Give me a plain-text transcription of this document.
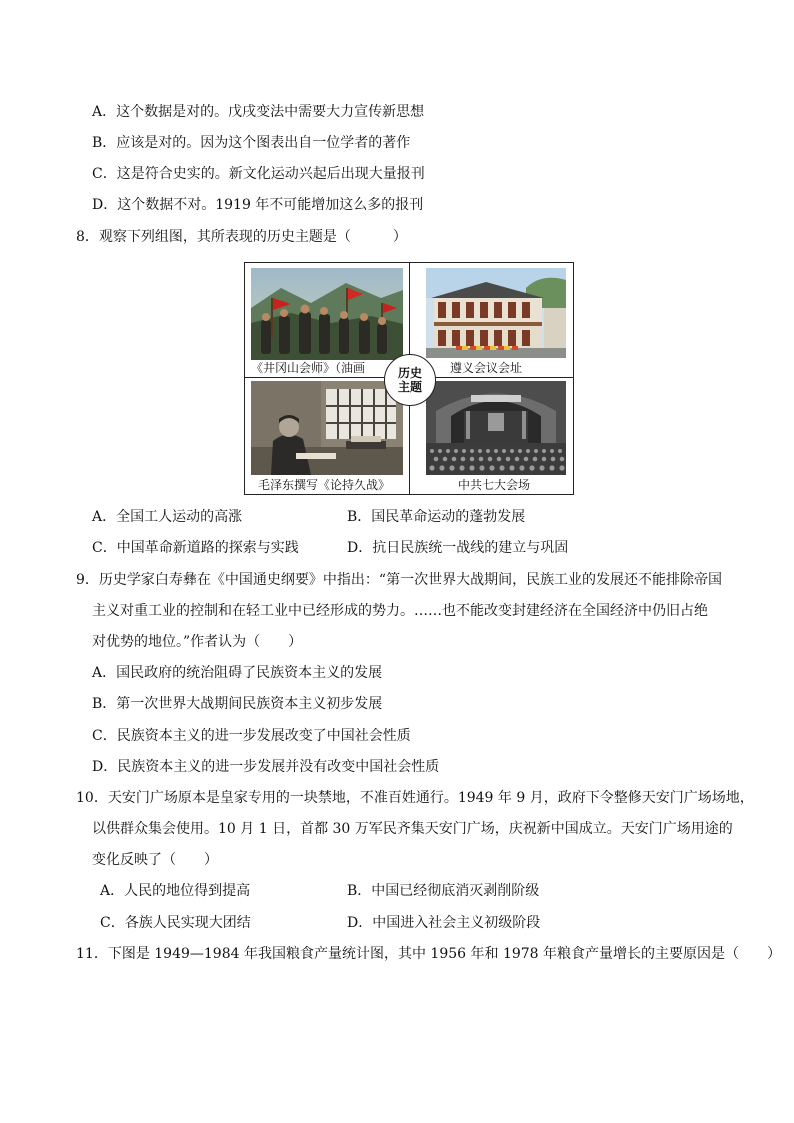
A．这个数据是对的。戊戌变法中需要大力宣传新思想
B．应该是对的。因为这个图表出自一位学者的著作
C．这是符合史实的。新文化运动兴起后出现大量报刊
D．这个数据不对。1919 年不可能增加这么多的报刊
8．观察下列组图，其所表现的历史主题是（　　　）
《井冈山会师》（油画	遵义会议会址
毛泽东撰写《论持久战》	中共七大会场
历史
主题
A．全国工人运动的高涨	B．国民革命运动的蓬勃发展
C．中国革命新道路的探索与实践	D．抗日民族统一战线的建立与巩固
9．历史学家白寿彝在《中国通史纲要》中指出：“第一次世界大战期间，民族工业的发展还不能排除帝国
主义对重工业的控制和在轻工业中已经形成的势力。……也不能改变封建经济在全国经济中仍旧占绝
对优势的地位。”作者认为（　　）
A．国民政府的统治阻碍了民族资本主义的发展
B．第一次世界大战期间民族资本主义初步发展
C．民族资本主义的进一步发展改变了中国社会性质
D．民族资本主义的进一步发展并没有改变中国社会性质
10．天安门广场原本是皇家专用的一块禁地，不准百姓通行。1949 年 9 月，政府下令整修天安门广场场地，
以供群众集会使用。10 月 1 日，首都 30 万军民齐集天安门广场，庆祝新中国成立。天安门广场用途的
变化反映了（　　）
A．人民的地位得到提高	B．中国已经彻底消灭剥削阶级
C．各族人民实现大团结	D．中国进入社会主义初级阶段
11．下图是 1949—1984 年我国粮食产量统计图，其中 1956 年和 1978 年粮食产量增长的主要原因是（　　）
